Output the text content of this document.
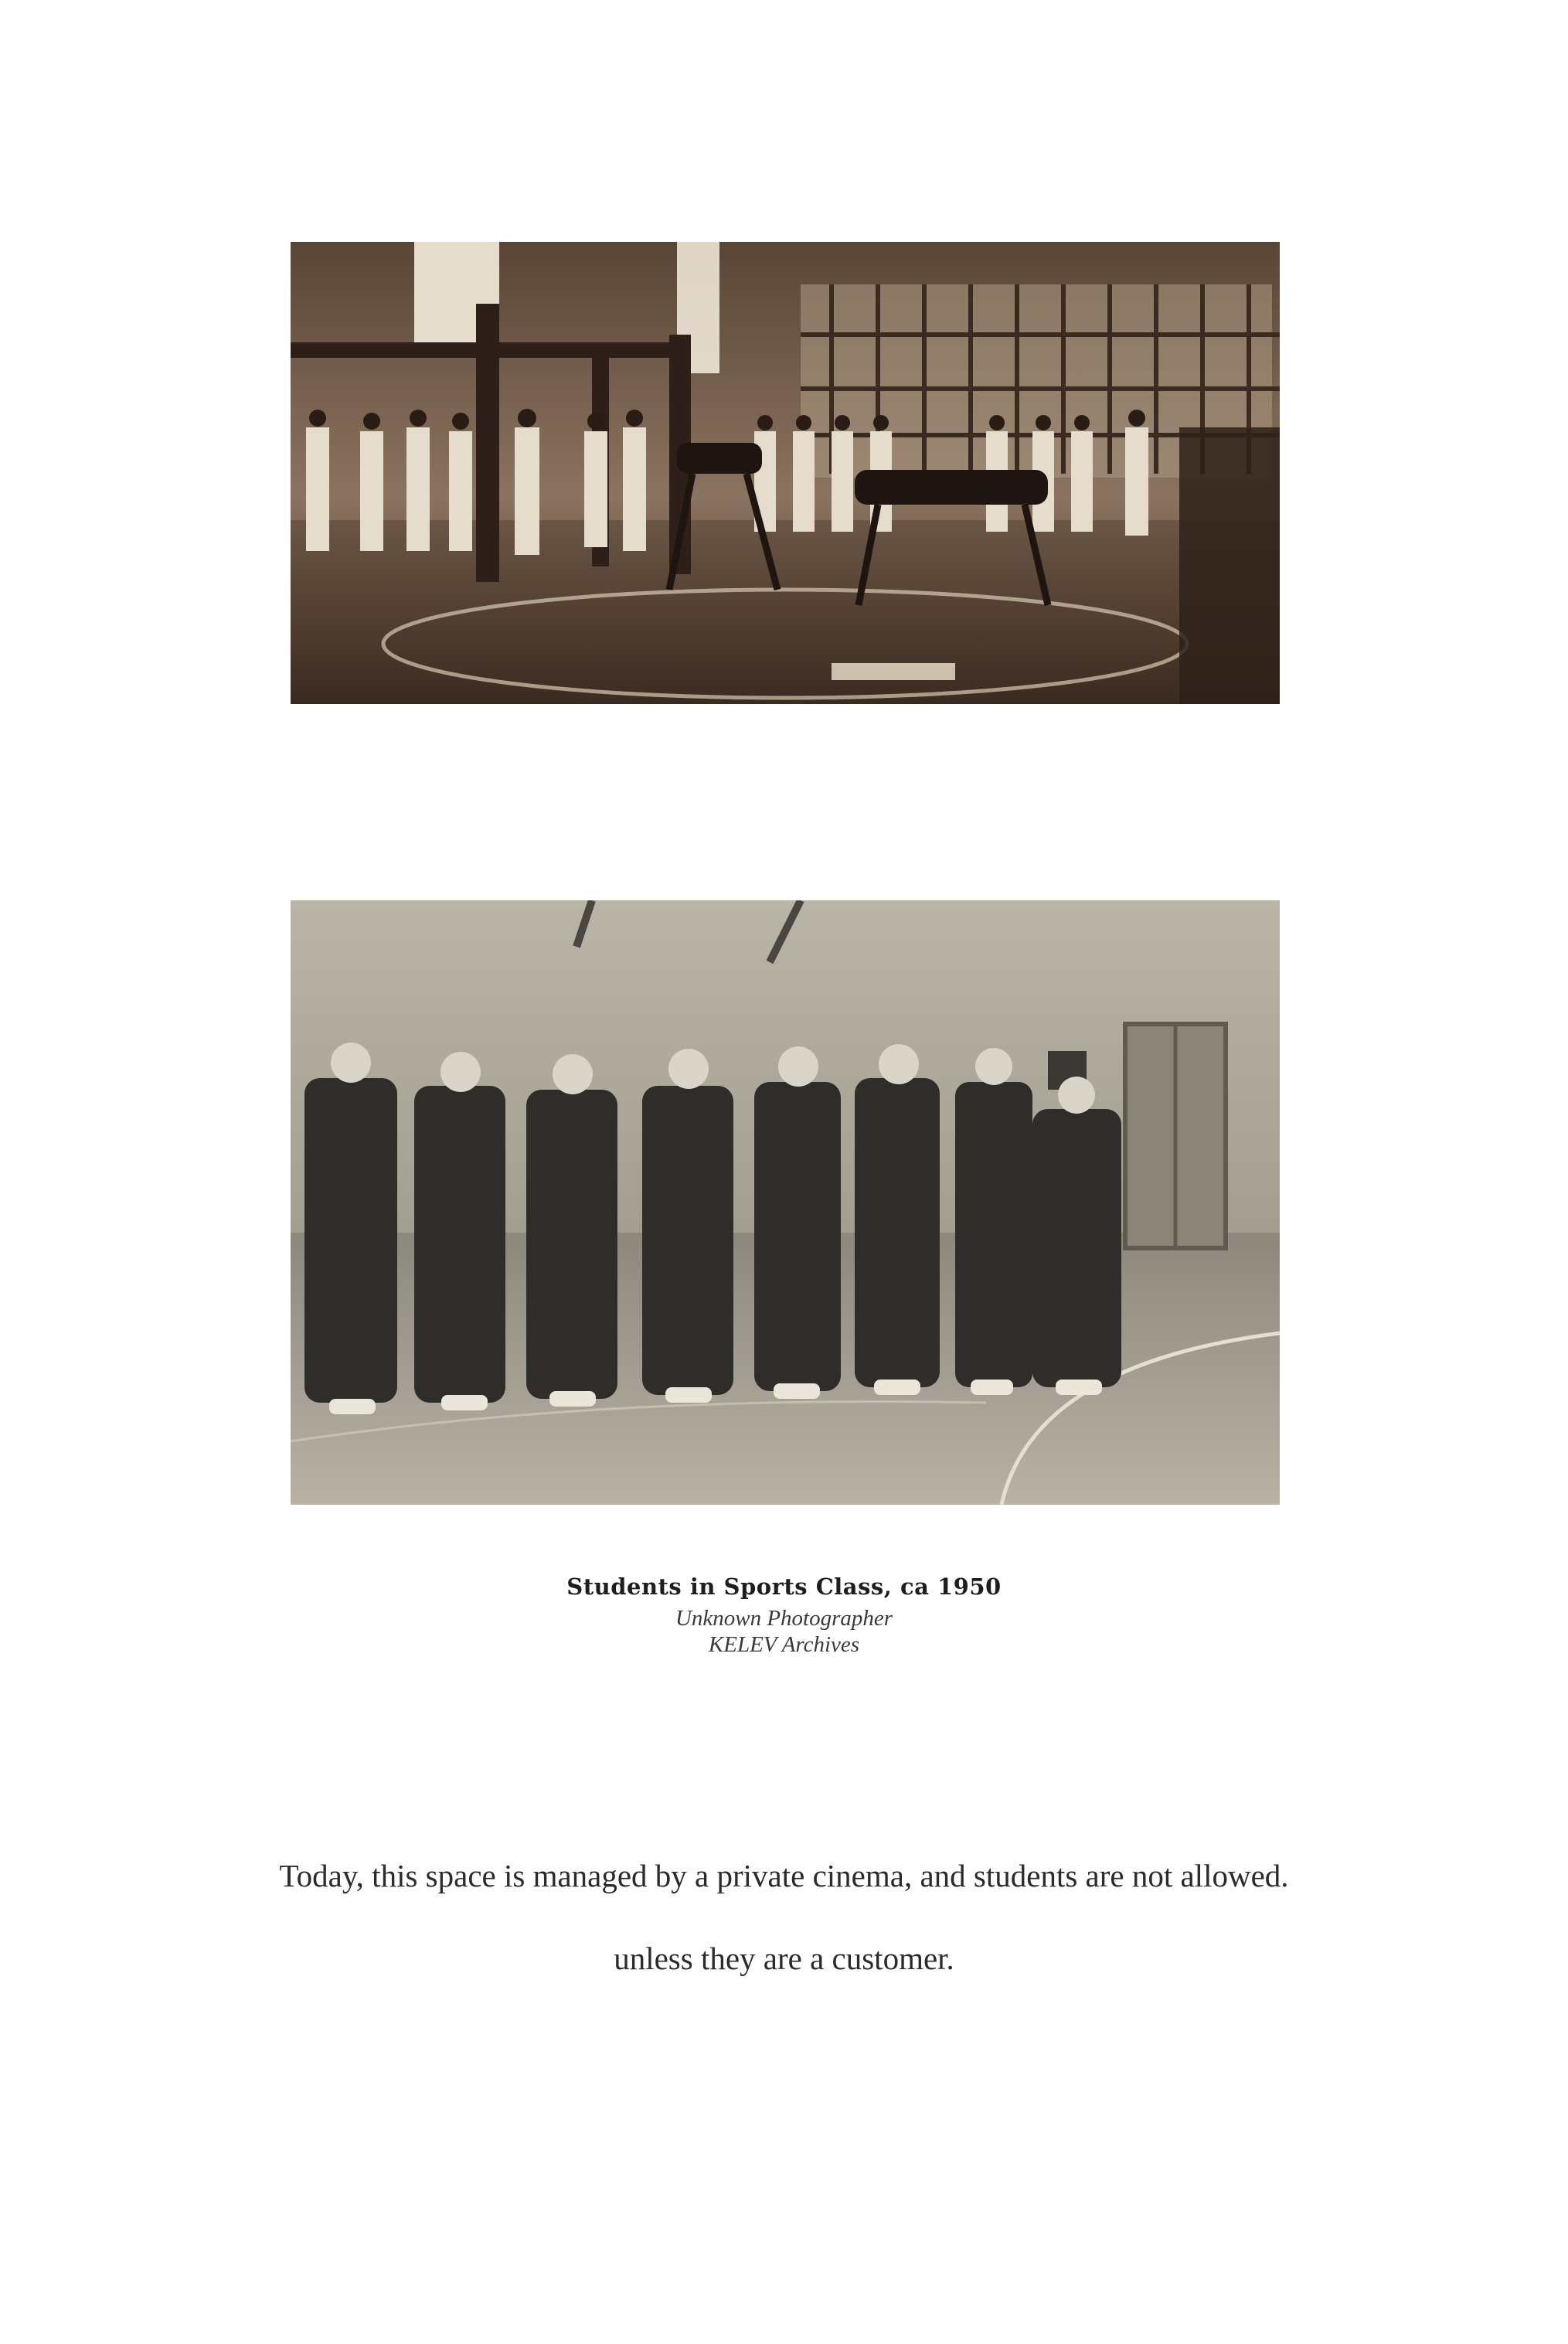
Students in Sports Class, ca 1950
Unknown Photographer
KELEV Archives
Today, this space is managed by a private cinema, and students are not allowed.
unless they are a customer.
